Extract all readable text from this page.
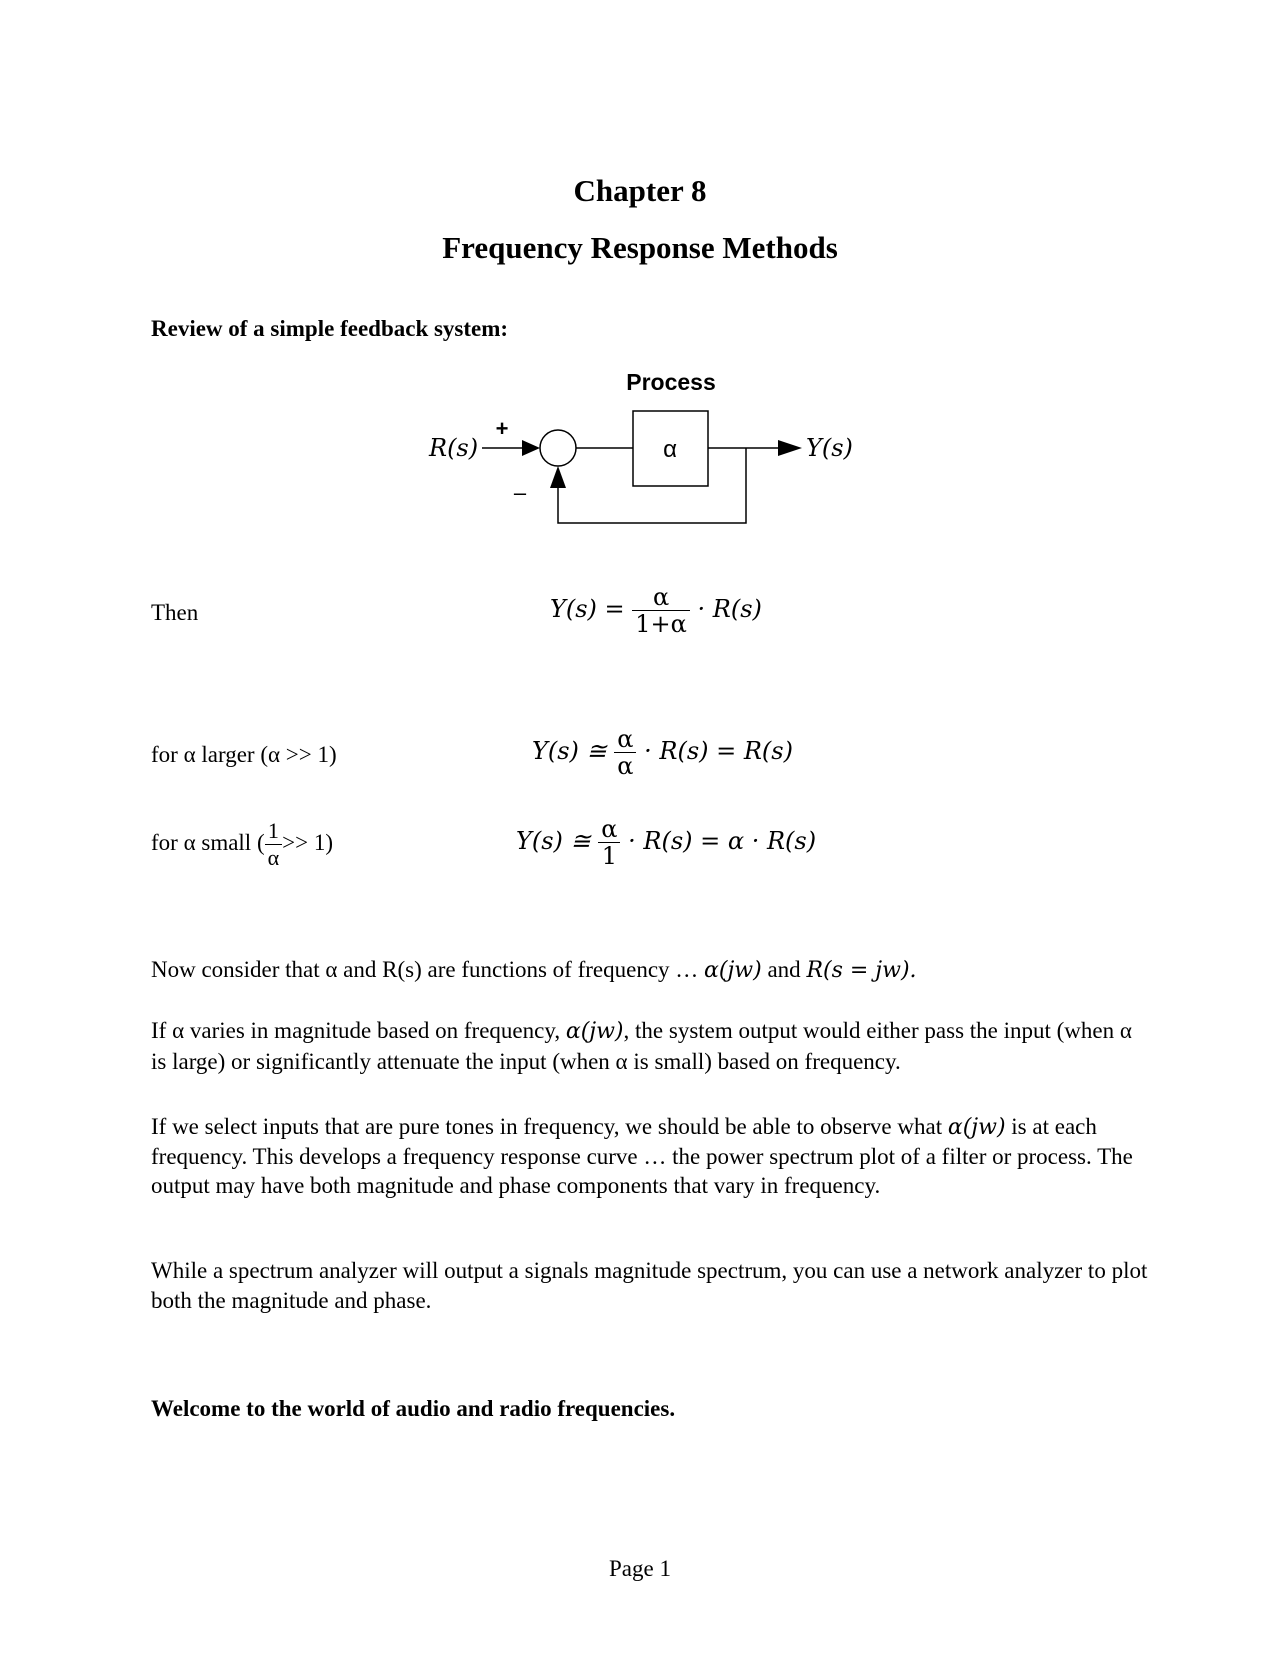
Chapter 8
Frequency Response Methods
Review of a simple feedback system:
Process
+
α
–
R(s)	Y(s)
Then	$Y(s) = \frac{\alpha}{1+\alpha} \cdot R(s)$
for α larger (α >> 1)	Y(s) ≅ $\frac{\alpha}{\alpha} \cdot R(s) = R(s)$
for α small ( $\frac{1}{\alpha} >> 1$)	Y(s) ≅ $\frac{\alpha}{1} \cdot R(s) = \alpha \cdot R(s)$

Now consider that α and R(s) are functions of frequency … α(jw) and R(s = jw).

If α varies in magnitude based on frequency, α(jw), the system output would either pass the input (when α is large) or significantly attenuate the input (when α is small) based on frequency.

If we select inputs that are pure tones in frequency, we should be able to observe what α(jw) is at each frequency. This develops a frequency response curve … the power spectrum plot of a filter or process. The output may have both magnitude and phase components that vary in frequency.

While a spectrum analyzer will output a signals magnitude spectrum, you can use a network analyzer to plot both the magnitude and phase.

Welcome to the world of audio and radio frequencies.
Page 1
